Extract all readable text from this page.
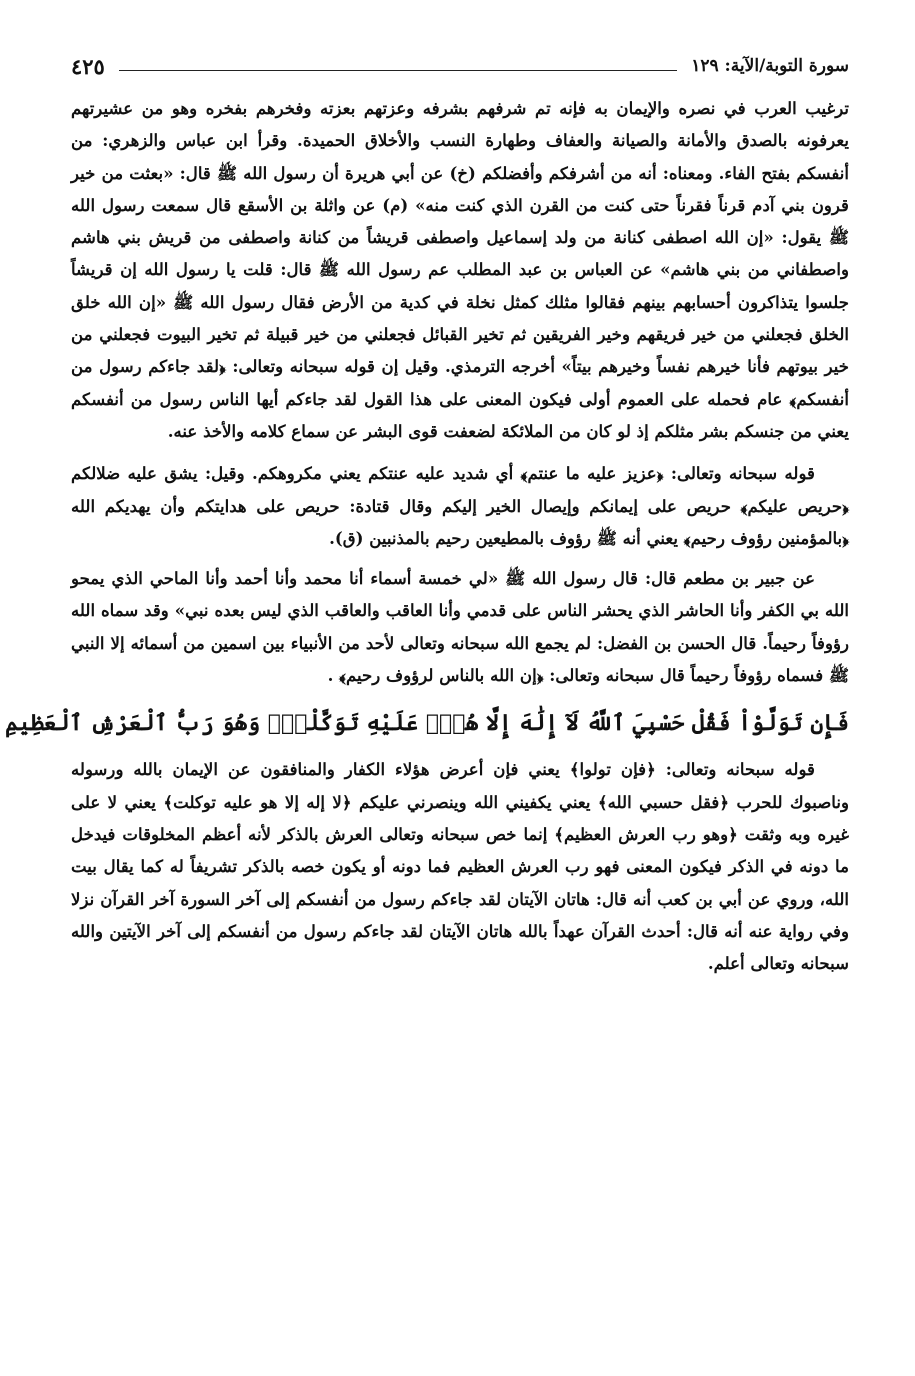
سورة التوبة/الآية: ١٢٩
٤٢٥

ترغيب العرب في نصره والإيمان به فإنه تم شرفهم بشرفه وعزتهم بعزته وفخرهم بفخره وهو من عشيرتهم يعرفونه بالصدق والأمانة والصيانة والعفاف وطهارة النسب والأخلاق الحميدة. وقرأ ابن عباس والزهري: من أنفسكم بفتح الفاء. ومعناه: أنه من أشرفكم وأفضلكم (خ) عن أبي هريرة أن رسول الله ﷺ قال: «بعثت من خير قرون بني آدم قرناً فقرناً حتى كنت من القرن الذي كنت منه» (م) عن واثلة بن الأسقع قال سمعت رسول الله ﷺ يقول: «إن الله اصطفى كنانة من ولد إسماعيل واصطفى قريشاً من كنانة واصطفى من قريش بني هاشم واصطفاني من بني هاشم» عن العباس بن عبد المطلب عم رسول الله ﷺ قال: قلت يا رسول الله إن قريشاً جلسوا يتذاكرون أحسابهم بينهم فقالوا مثلك كمثل نخلة في كدية من الأرض فقال رسول الله ﷺ «إن الله خلق الخلق فجعلني من خير فريقهم وخير الفريقين ثم تخير القبائل فجعلني من خير قبيلة ثم تخير البيوت فجعلني من خير بيوتهم فأنا خيرهم نفساً وخيرهم بيتاً» أخرجه الترمذي. وقيل إن قوله سبحانه وتعالى: ﴿لقد جاءكم رسول من أنفسكم﴾ عام فحمله على العموم أولى فيكون المعنى على هذا القول لقد جاءكم أيها الناس رسول من أنفسكم يعني من جنسكم بشر مثلكم إذ لو كان من الملائكة لضعفت قوى البشر عن سماع كلامه والأخذ عنه.

قوله سبحانه وتعالى: ﴿عزيز عليه ما عنتم﴾ أي شديد عليه عنتكم يعني مكروهكم. وقيل: يشق عليه ضلالكم ﴿حريص عليكم﴾ حريص على إيمانكم وإيصال الخير إليكم وقال قتادة: حريص على هدايتكم وأن يهديكم الله ﴿بالمؤمنين رؤوف رحيم﴾ يعني أنه ﷺ رؤوف بالمطيعين رحيم بالمذنبين (ق).

عن جبير بن مطعم قال: قال رسول الله ﷺ «لي خمسة أسماء أنا محمد وأنا أحمد وأنا الماحي الذي يمحو الله بي الكفر وأنا الحاشر الذي يحشر الناس على قدمي وأنا العاقب والعاقب الذي ليس بعده نبي» وقد سماه الله رؤوفاً رحيماً. قال الحسن بن الفضل: لم يجمع الله سبحانه وتعالى لأحد من الأنبياء بين اسمين من أسمائه إلا النبي ﷺ فسماه رؤوفاً رحيماً قال سبحانه وتعالى: ﴿إن الله بالناس لرؤوف رحيم﴾ .

فَإِن تَوَلَّوْاْ فَقُلْ حَسْبِيَ ٱللَّهُ لَآ إِلَٰهَ إِلَّا هُوَۖ عَلَيْهِ تَوَكَّلْتُۖ وَهُوَ رَبُّ ٱلْعَرْشِ ٱلْعَظِيمِ

قوله سبحانه وتعالى: ﴿فإن تولوا﴾ يعني فإن أعرض هؤلاء الكفار والمنافقون عن الإيمان بالله ورسوله وناصبوك للحرب ﴿فقل حسبي الله﴾ يعني يكفيني الله وينصرني عليكم ﴿لا إله إلا هو عليه توكلت﴾ يعني لا على غيره وبه وثقت ﴿وهو رب العرش العظيم﴾ إنما خص سبحانه وتعالى العرش بالذكر لأنه أعظم المخلوقات فيدخل ما دونه في الذكر فيكون المعنى فهو رب العرش العظيم فما دونه أو يكون خصه بالذكر تشريفاً له كما يقال بيت الله، وروي عن أبي بن كعب أنه قال: هاتان الآيتان لقد جاءكم رسول من أنفسكم إلى آخر السورة آخر القرآن نزلا وفي رواية عنه أنه قال: أحدث القرآن عهداً بالله هاتان الآيتان لقد جاءكم رسول من أنفسكم إلى آخر الآيتين والله سبحانه وتعالى أعلم.
